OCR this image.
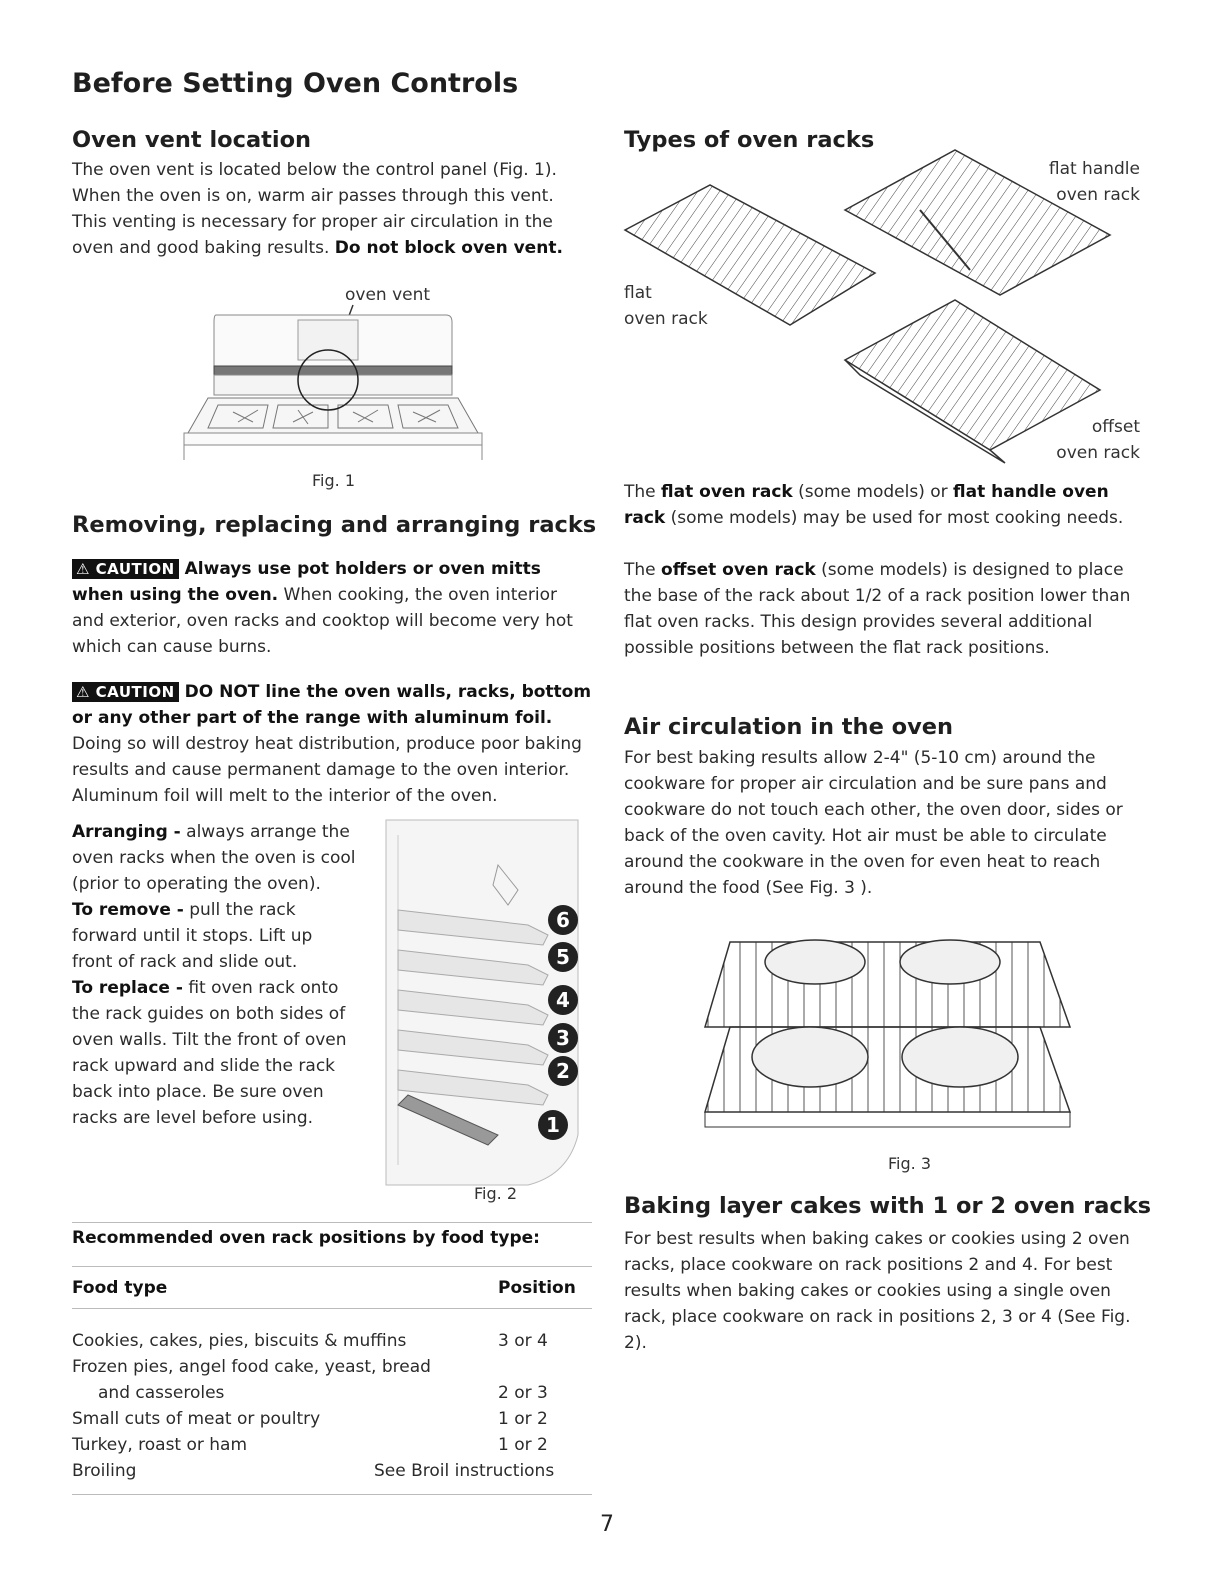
Before Setting Oven Controls
Oven vent location
The oven vent is located below the control panel (Fig. 1). When the oven is on, warm air passes through this vent. This venting is necessary for proper air circulation in the oven and good baking results. Do not block oven vent.
oven vent
Fig. 1
Removing, replacing and arranging racks
⚠ CAUTION Always use pot holders or oven mitts when using the oven. When cooking, the oven interior and exterior, oven racks and cooktop will become very hot which can cause burns.
⚠ CAUTION DO NOT line the oven walls, racks, bottom or any other part of the range with aluminum foil. Doing so will destroy heat distribution, produce poor baking results and cause permanent damage to the oven interior. Aluminum foil will melt to the interior of the oven.
Arranging - always arrange the oven racks when the oven is cool (prior to operating the oven).
To remove - pull the rack forward until it stops. Lift up front of rack and slide out.
To replace - fit oven rack onto the rack guides on both sides of oven walls. Tilt the front of oven rack upward and slide the rack back into place. Be sure oven racks are level before using.
6
5
4
3
2
1
Fig. 2
Recommended oven rack positions by food type:
Food type	Position
Cookies, cakes, pies, biscuits & muffins	3 or 4
Frozen pies, angel food cake, yeast, bread
and casseroles	2 or 3
Small cuts of meat or poultry	1 or 2
Turkey, roast or ham	1 or 2
Broiling	See Broil instructions
Types of oven racks
flat handle
oven rack
flat
oven rack
offset
oven rack
The flat oven rack (some models) or flat handle oven rack (some models) may be used for most cooking needs.
The offset oven rack (some models) is designed to place the base of the rack about 1/2 of a rack position lower than flat oven racks. This design provides several additional possible positions between the flat rack positions.
Air circulation in the oven
For best baking results allow 2-4" (5-10 cm) around the cookware for proper air circulation and be sure pans and cookware do not touch each other, the oven door, sides or back of the oven cavity. Hot air must be able to circulate around the cookware in the oven for even heat to reach around the food (See Fig. 3 ).
Fig. 3
Baking layer cakes with 1 or 2 oven racks
For best results when baking cakes or cookies using 2 oven racks, place cookware on rack positions 2 and 4. For best results when baking cakes or cookies using a single oven rack, place cookware on rack in positions 2, 3 or 4 (See Fig. 2).
7
